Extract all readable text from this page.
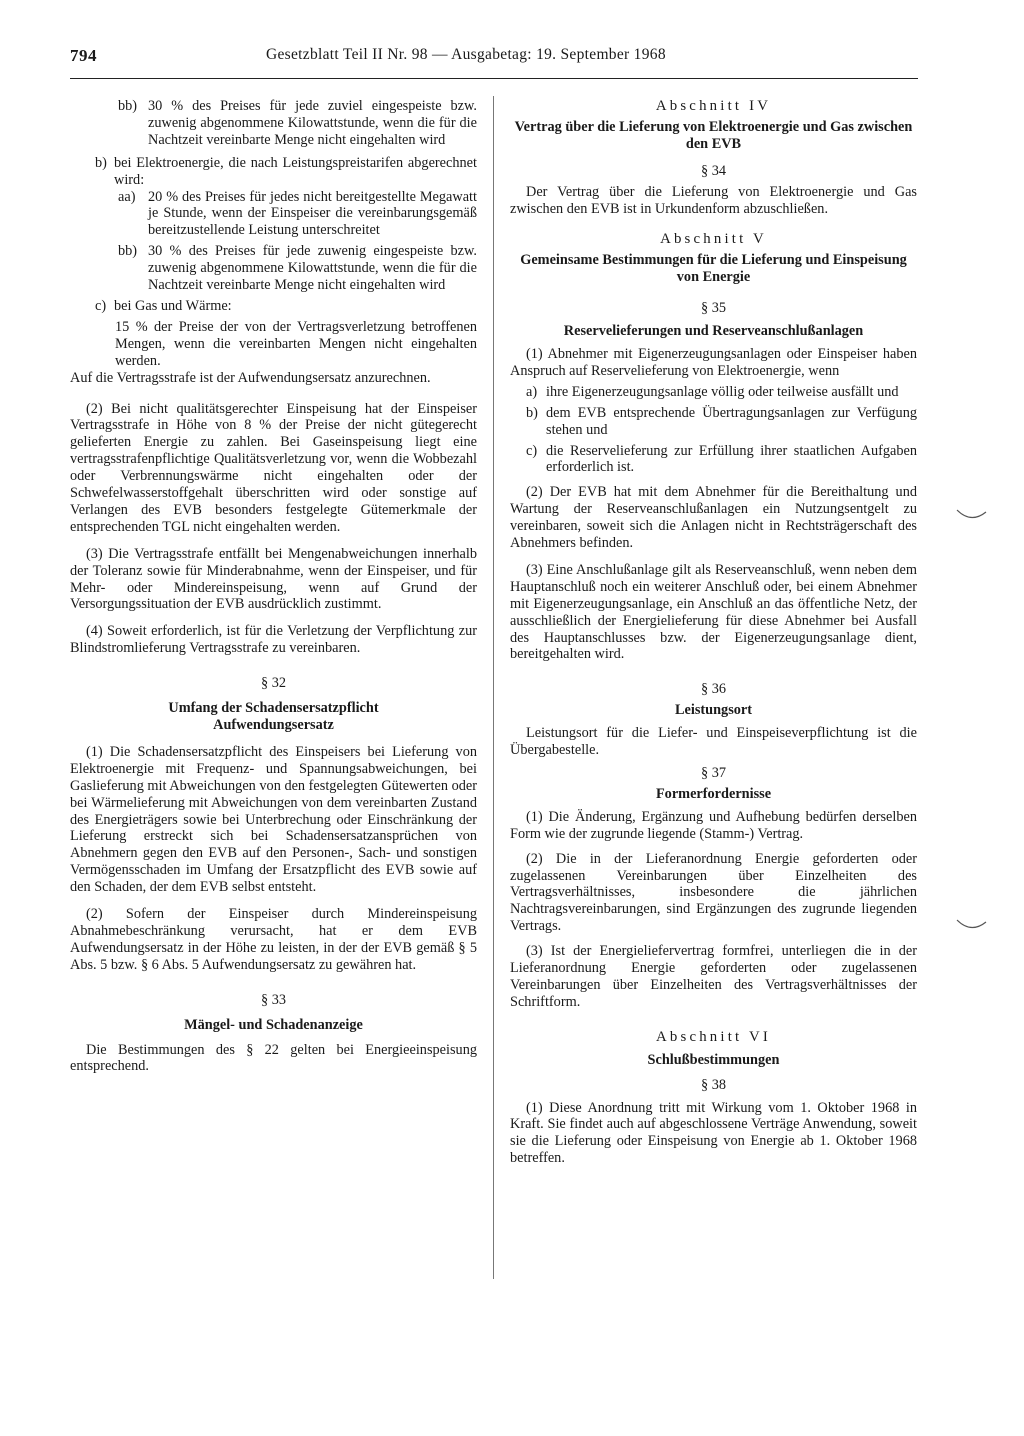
794	Gesetzblatt Teil II Nr. 98 — Ausgabetag: 19. September 1968
bb) 30 % des Preises für jede zuviel eingespeiste bzw. zuwenig abgenommene Kilowattstunde, wenn die für die Nachtzeit vereinbarte Menge nicht eingehalten wird
b) bei Elektroenergie, die nach Leistungspreistarifen abgerechnet wird:
aa) 20 % des Preises für jedes nicht bereitgestellte Megawatt je Stunde, wenn der Einspeiser die vereinbarungsgemäß bereitzustellende Leistung unterschreitet
bb) 30 % des Preises für jede zuwenig eingespeiste bzw. zuwenig abgenommene Kilowattstunde, wenn die für die Nachtzeit vereinbarte Menge nicht eingehalten wird
c) bei Gas und Wärme:

15 % der Preise der von der Vertragsverletzung betroffenen Mengen, wenn die vereinbarten Mengen nicht eingehalten werden.

Auf die Vertragsstrafe ist der Aufwendungsersatz anzurechnen.

(2) Bei nicht qualitätsgerechter Einspeisung hat der Einspeiser Vertragsstrafe in Höhe von 8 % der Preise der nicht gütegerecht gelieferten Energie zu zahlen. Bei Gaseinspeisung liegt eine vertragsstrafenpflichtige Qualitätsverletzung vor, wenn die Wobbezahl oder Verbrennungswärme nicht eingehalten oder der Schwefelwasserstoffgehalt überschritten wird oder sonstige auf Verlangen des EVB besonders festgelegte Gütemerkmale der entsprechenden TGL nicht eingehalten werden.

(3) Die Vertragsstrafe entfällt bei Mengenabweichungen innerhalb der Toleranz sowie für Minderabnahme, wenn der Einspeiser, und für Mehr- oder Mindereinspeisung, wenn auf Grund der Versorgungssituation der EVB ausdrücklich zustimmt.

(4) Soweit erforderlich, ist für die Verletzung der Verpflichtung zur Blindstromlieferung Vertragsstrafe zu vereinbaren.

§ 32

Umfang der Schadensersatzpflicht

Aufwendungsersatz

(1) Die Schadensersatzpflicht des Einspeisers bei Lieferung von Elektroenergie mit Frequenz- und Spannungsabweichungen, bei Gaslieferung mit Abweichungen von den festgelegten Gütewerten oder bei Wärmelieferung mit Abweichungen von dem vereinbarten Zustand des Energieträgers sowie bei Unterbrechung oder Einschränkung der Lieferung erstreckt sich bei Schadensersatzansprüchen von Abnehmern gegen den EVB auf den Personen-, Sach- und sonstigen Vermögensschaden im Umfang der Ersatzpflicht des EVB sowie auf den Schaden, der dem EVB selbst entsteht.

(2) Sofern der Einspeiser durch Mindereinspeisung Abnahmebeschränkung verursacht, hat er dem EVB Aufwendungsersatz in der Höhe zu leisten, in der der EVB gemäß § 5 Abs. 5 bzw. § 6 Abs. 5 Aufwendungsersatz zu gewähren hat.

§ 33

Mängel- und Schadenanzeige

Die Bestimmungen des § 22 gelten bei Energieeinspeisung entsprechend.

Abschnitt IV

Vertrag über die Lieferung von Elektroenergie und Gas zwischen den EVB

§ 34

Der Vertrag über die Lieferung von Elektroenergie und Gas zwischen den EVB ist in Urkundenform abzuschließen.

Abschnitt V

Gemeinsame Bestimmungen für die Lieferung und Einspeisung von Energie

§ 35

Reservelieferungen und Reserveanschlußanlagen

(1) Abnehmer mit Eigenerzeugungsanlagen oder Einspeiser haben Anspruch auf Reservelieferung von Elektroenergie, wenn

a) ihre Eigenerzeugungsanlage völlig oder teilweise ausfällt und
b) dem EVB entsprechende Übertragungsanlagen zur Verfügung stehen und
c) die Reservelieferung zur Erfüllung ihrer staatlichen Aufgaben erforderlich ist.

(2) Der EVB hat mit dem Abnehmer für die Bereithaltung und Wartung der Reserveanschlußanlagen ein Nutzungsentgelt zu vereinbaren, soweit sich die Anlagen nicht in Rechtsträgerschaft des Abnehmers befinden.

(3) Eine Anschlußanlage gilt als Reserveanschluß, wenn neben dem Hauptanschluß noch ein weiterer Anschluß oder, bei einem Abnehmer mit Eigenerzeugungsanlage, ein Anschluß an das öffentliche Netz, der ausschließlich der Energielieferung für diese Abnehmer bei Ausfall des Hauptanschlusses bzw. der Eigenerzeugungsanlage dient, bereitgehalten wird.

§ 36

Leistungsort

Leistungsort für die Liefer- und Einspeiseverpflichtung ist die Übergabestelle.

§ 37

Formerfordernisse

(1) Die Änderung, Ergänzung und Aufhebung bedürfen derselben Form wie der zugrunde liegende (Stamm-) Vertrag.

(2) Die in der Lieferanordnung Energie geforderten oder zugelassenen Vereinbarungen über Einzelheiten des Vertragsverhältnisses, insbesondere die jährlichen Nachtragsvereinbarungen, sind Ergänzungen des zugrunde liegenden Vertrags.

(3) Ist der Energieliefervertrag formfrei, unterliegen die in der Lieferanordnung Energie geforderten oder zugelassenen Vereinbarungen über Einzelheiten des Vertragsverhältnisses der Schriftform.

Abschnitt VI

Schlußbestimmungen

§ 38

(1) Diese Anordnung tritt mit Wirkung vom 1. Oktober 1968 in Kraft. Sie findet auch auf abgeschlossene Verträge Anwendung, soweit sie die Lieferung oder Einspeisung von Energie ab 1. Oktober 1968 betreffen.
